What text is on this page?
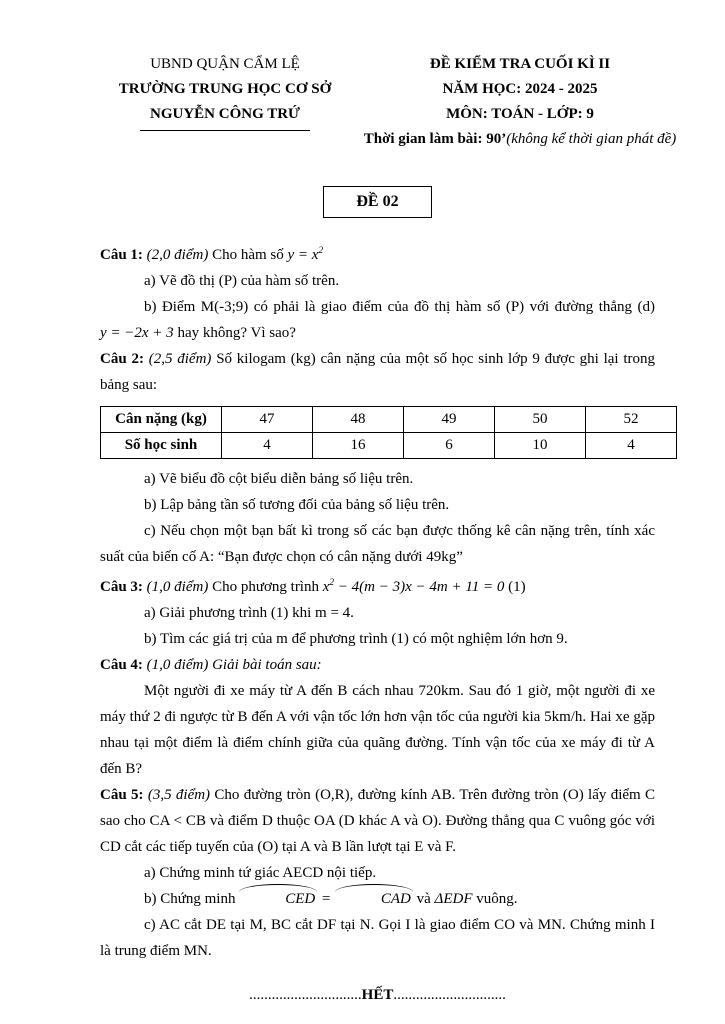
UBND QUẬN CẨM LỆ
TRƯỜNG TRUNG HỌC CƠ SỞ
NGUYỄN CÔNG TRỨ
ĐỀ KIỂM TRA CUỐI KÌ II
NĂM HỌC: 2024 - 2025
MÔN: TOÁN - LỚP: 9
Thời gian làm bài: 90’(không kể thời gian phát đề)
ĐỀ 02

Câu 1: (2,0 điểm) Cho hàm số $y = x^2$

a) Vẽ đồ thị (P) của hàm số trên.

b) Điểm M(-3;9) có phải là giao điểm của đồ thị hàm số (P) với đường thẳng (d)

y = −2x + 3 hay không? Vì sao?

Câu 2: (2,5 điểm) Số kilogam (kg) cân nặng của một số học sinh lớp 9 được ghi lại trong bảng sau:

Cân nặng (kg)	47	48	49	50	52
Số học sinh	4	16	6	10	4

a) Vẽ biểu đồ cột biểu diễn bảng số liệu trên.

b) Lập bảng tần số tương đối của bảng số liệu trên.

c) Nếu chọn một bạn bất kì trong số các bạn được thống kê cân nặng trên, tính xác suất của biến cố A: “Bạn được chọn có cân nặng dưới 49kg”

Câu 3: (1,0 điểm) Cho phương trình $x^2 - 4(m - 3)x - 4m + 11 = 0$ (1)

a) Giải phương trình (1) khi m = 4.

b) Tìm các giá trị của m để phương trình (1) có một nghiệm lớn hơn 9.

Câu 4: (1,0 điểm) Giải bài toán sau:

Một người đi xe máy từ A đến B cách nhau 720km. Sau đó 1 giờ, một người đi xe máy thứ 2 đi ngược từ B đến A với vận tốc lớn hơn vận tốc của người kia 5km/h. Hai xe gặp nhau tại một điểm là điểm chính giữa của quãng đường. Tính vận tốc của xe máy đi từ A đến B?

Câu 5: (3,5 điểm) Cho đường tròn (O,R), đường kính AB. Trên đường tròn (O) lấy điểm C sao cho CA < CB và điểm D thuộc OA (D khác A và O). Đường thẳng qua C vuông góc với CD cắt các tiếp tuyến của (O) tại A và B lần lượt tại E và F.

a) Chứng minh tứ giác AECD nội tiếp.

b) Chứng minh	CED =	CAD và ΔEDF vuông.

c) AC cắt DE tại M, BC cắt DF tại N. Gọi I là giao điểm CO và MN. Chứng minh I là trung điểm MN.

..............................HẾT..............................
